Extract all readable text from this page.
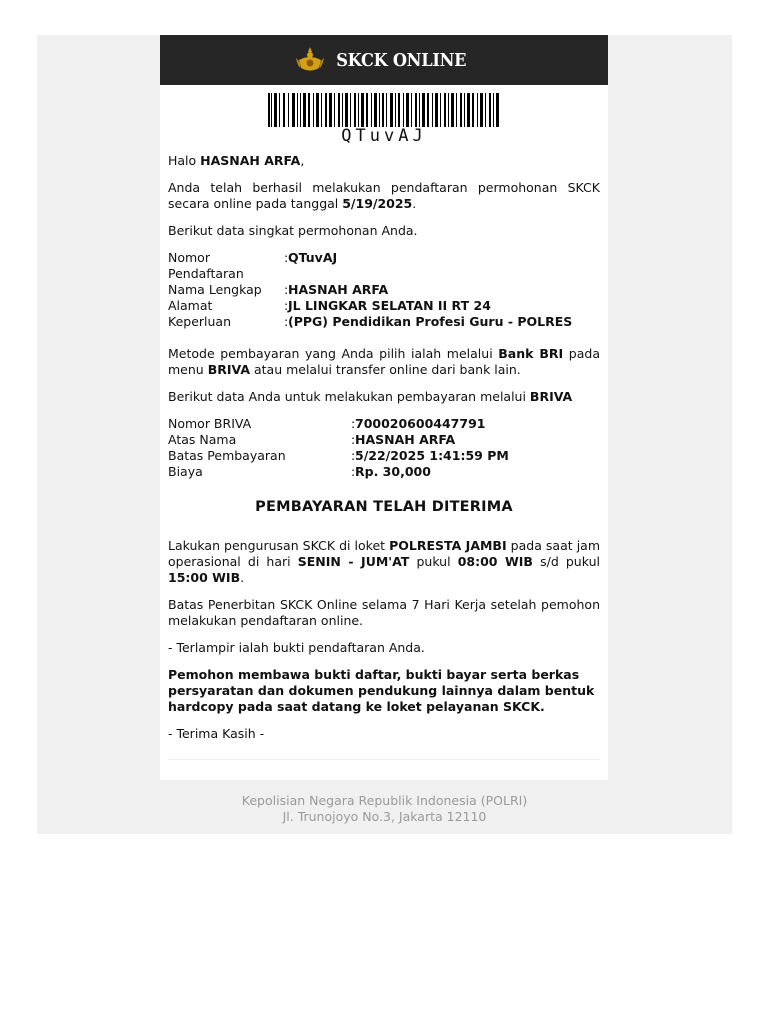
SKCK ONLINE
QTuvAJ

Halo HASNAH ARFA,

Anda telah berhasil melakukan pendaftaran permohonan SKCK secara online pada tanggal 5/19/2025.

Berikut data singkat permohonan Anda.

Nomor Pendaftaran
: QTuvAJ
Nama Lengkap	: HASNAH ARFA
Alamat	: JL LINGKAR SELATAN II RT 24
Keperluan	: (PPG) Pendidikan Profesi Guru - POLRES

Metode pembayaran yang Anda pilih ialah melalui Bank BRI pada menu BRIVA atau melalui transfer online dari bank lain.

Berikut data Anda untuk melakukan pembayaran melalui BRIVA

Nomor BRIVA	: 700020600447791
Atas Nama	: HASNAH ARFA
Batas Pembayaran	: 5/22/2025 1:41:59 PM
Biaya	: Rp. 30,000
PEMBAYARAN TELAH DITERIMA

Lakukan pengurusan SKCK di loket POLRESTA JAMBI pada saat jam operasional di hari SENIN - JUM'AT pukul 08:00 WIB s/d pukul 15:00 WIB.

Batas Penerbitan SKCK Online selama 7 Hari Kerja setelah pemohon melakukan pendaftaran online.

- Terlampir ialah bukti pendaftaran Anda.

Pemohon membawa bukti daftar, bukti bayar serta berkas persyaratan dan dokumen pendukung lainnya dalam bentuk hardcopy pada saat datang ke loket pelayanan SKCK.

- Terima Kasih -

Kepolisian Negara Republik Indonesia (POLRI)
Jl. Trunojoyo No.3, Jakarta 12110
